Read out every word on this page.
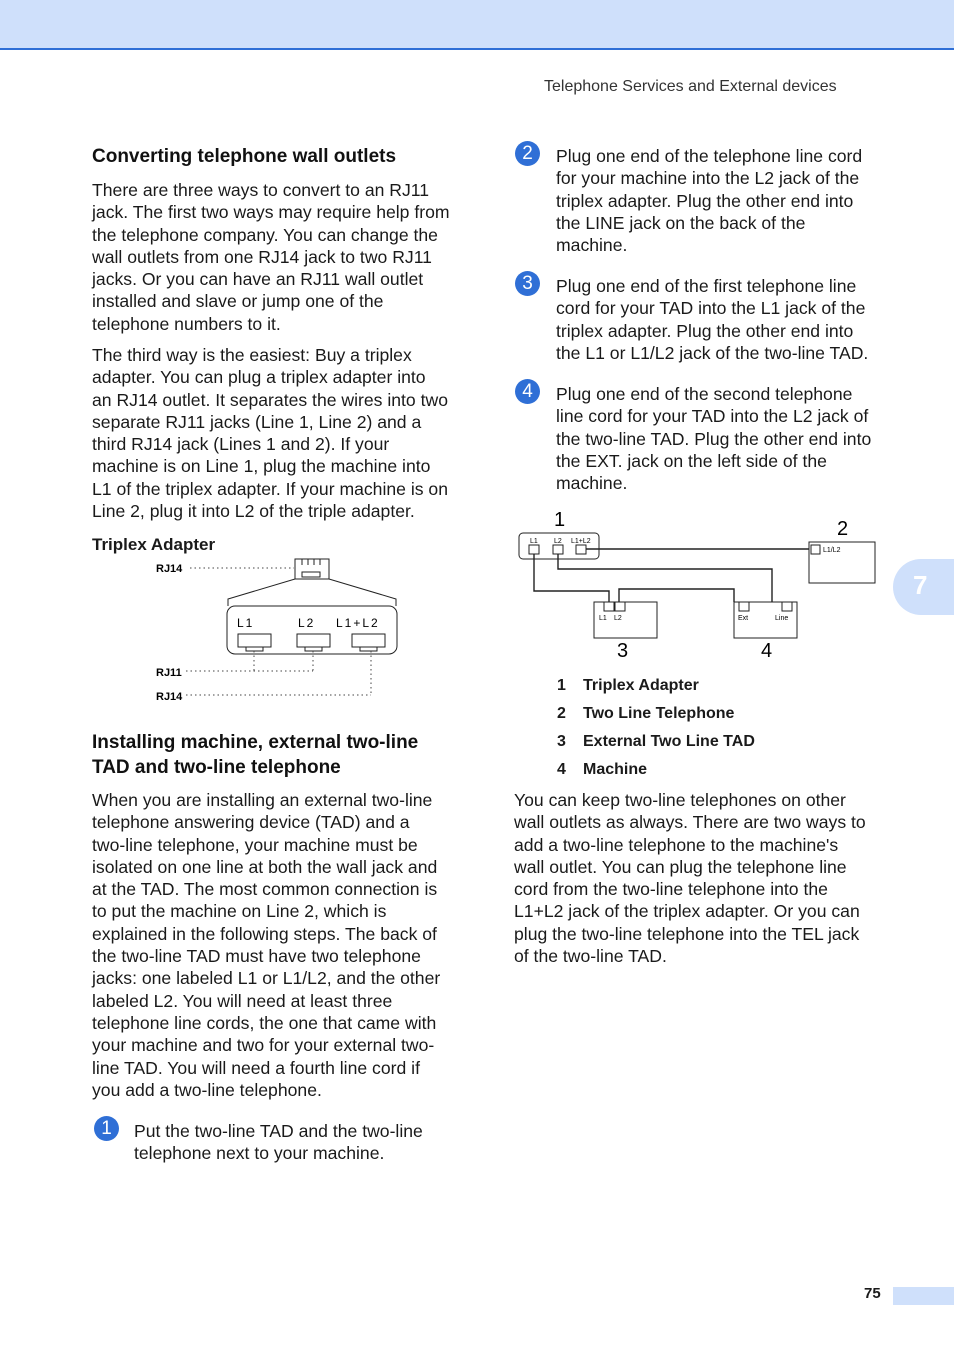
Telephone Services and External devices
7
Converting telephone wall outlets
There are three ways to convert to an RJ11
jack. The first two ways may require help from
the telephone company. You can change the
wall outlets from one RJ14 jack to two RJ11
jacks. Or you can have an RJ11 wall outlet
installed and slave or jump one of the
telephone numbers to it.
The third way is the easiest: Buy a triplex
adapter. You can plug a triplex adapter into
an RJ14 outlet. It separates the wires into two
separate RJ11 jacks (Line 1, Line 2) and a
third RJ14 jack (Lines 1 and 2). If your
machine is on Line 1, plug the machine into
L1 of the triplex adapter. If your machine is on
Line 2, plug it into L2 of the triple adapter.
Triplex Adapter
RJ14
L1	L2 L1+L2
RJ11
RJ14
Installing machine, external two-line
TAD and two-line telephone
When you are installing an external two-line
telephone answering device (TAD) and a
two-line telephone, your machine must be
isolated on one line at both the wall jack and
at the TAD. The most common connection is
to put the machine on Line 2, which is
explained in the following steps. The back of
the two-line TAD must have two telephone
jacks: one labeled L1 or L1/L2, and the other
labeled L2. You will need at least three
telephone line cords, the one that came with
your machine and two for your external two-
line TAD. You will need a fourth line cord if
you add a two-line telephone.
1	Put the two-line TAD and the two-line
telephone next to your machine.
2	Plug one end of the telephone line cord
for your machine into the L2 jack of the
triplex adapter. Plug the other end into
the LINE jack on the back of the
machine.
3	Plug one end of the first telephone line
cord for your TAD into the L1 jack of the
triplex adapter. Plug the other end into
the L1 or L1/L2 jack of the two-line TAD.
4	Plug one end of the second telephone
line cord for your TAD into the L2 jack of
the two-line TAD. Plug the other end into
the EXT. jack on the left side of the
machine.
1	2
L1 L2 L1+L2
L1/L2
L1 L2	Ext	Line
3	4
1 Triplex Adapter
2 Two Line Telephone
3 External Two Line TAD
4 Machine
You can keep two-line telephones on other
wall outlets as always. There are two ways to
add a two-line telephone to the machine's
wall outlet. You can plug the telephone line
cord from the two-line telephone into the
L1+L2 jack of the triplex adapter. Or you can
plug the two-line telephone into the TEL jack
of the two-line TAD.
75
